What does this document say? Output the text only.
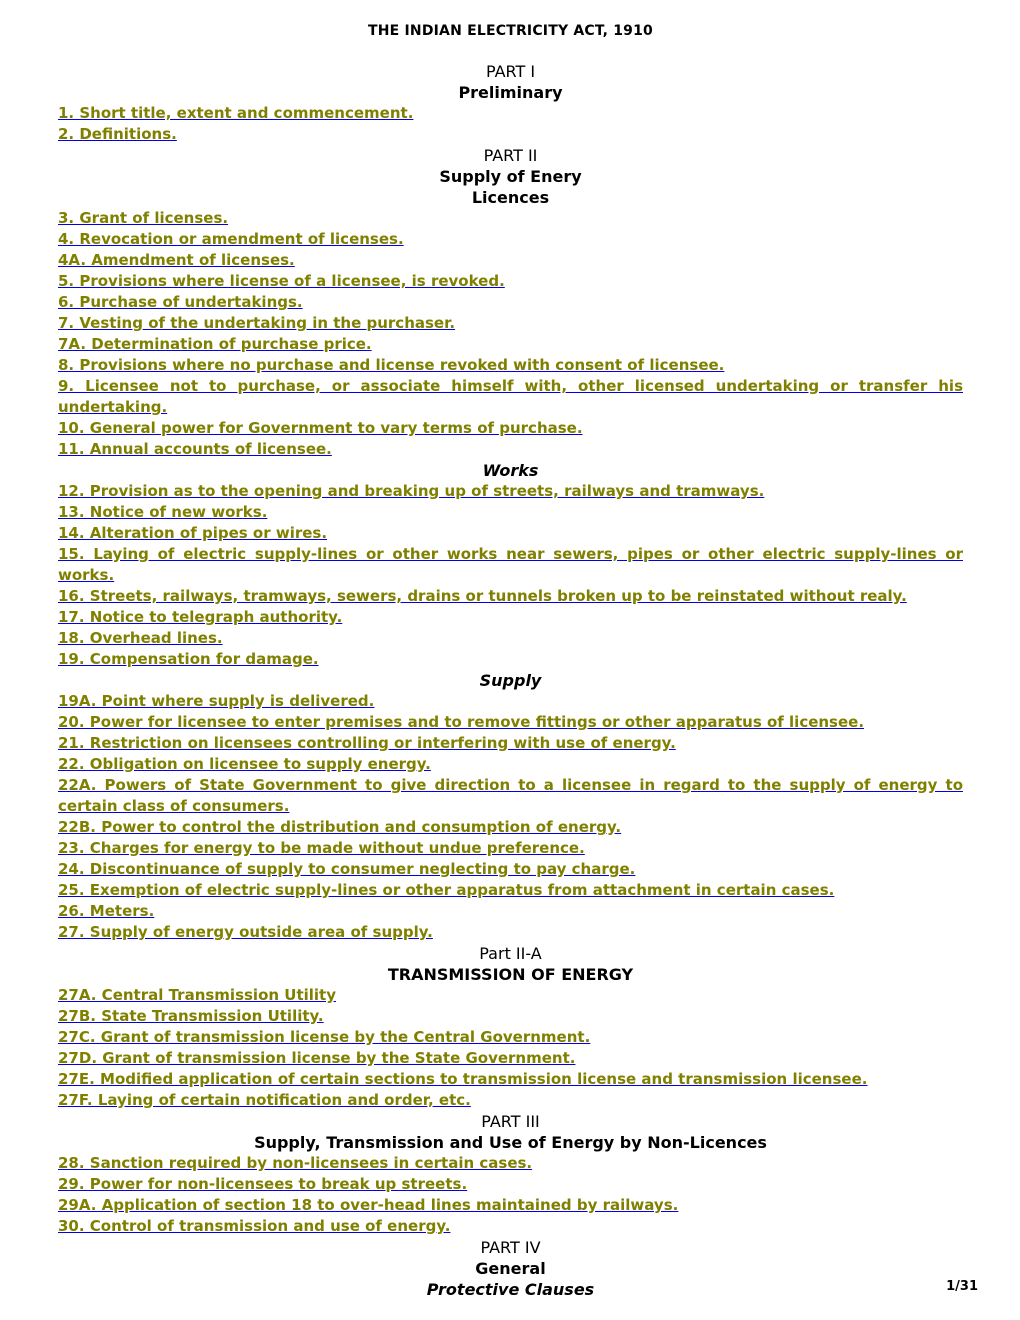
THE INDIAN ELECTRICITY ACT, 1910
PART I
Preliminary
1. Short title, extent and commencement.
2. Definitions.
PART II
Supply of Enery
Licences
3. Grant of licenses.
4. Revocation or amendment of licenses.
4A. Amendment of licenses.
5. Provisions where license of a licensee, is revoked.
6. Purchase of undertakings.
7. Vesting of the undertaking in the purchaser.
7A. Determination of purchase price.
8. Provisions where no purchase and license revoked with consent of licensee.
9. Licensee not to purchase, or associate himself with, other licensed undertaking or transfer his undertaking.
10. General power for Government to vary terms of purchase.
11. Annual accounts of licensee.
Works
12. Provision as to the opening and breaking up of streets, railways and tramways.
13. Notice of new works.
14. Alteration of pipes or wires.
15. Laying of electric supply-lines or other works near sewers, pipes or other electric supply-lines or works.
16. Streets, railways, tramways, sewers, drains or tunnels broken up to be reinstated without realy.
17. Notice to telegraph authority.
18. Overhead lines.
19. Compensation for damage.
Supply
19A. Point where supply is delivered.
20. Power for licensee to enter premises and to remove fittings or other apparatus of licensee.
21. Restriction on licensees controlling or interfering with use of energy.
22. Obligation on licensee to supply energy.
22A. Powers of State Government to give direction to a licensee in regard to the supply of energy to certain class of consumers.
22B. Power to control the distribution and consumption of energy.
23. Charges for energy to be made without undue preference.
24. Discontinuance of supply to consumer neglecting to pay charge.
25. Exemption of electric supply-lines or other apparatus from attachment in certain cases.
26. Meters.
27. Supply of energy outside area of supply.
Part II-A
TRANSMISSION OF ENERGY
27A. Central Transmission Utility
27B. State Transmission Utility.
27C. Grant of transmission license by the Central Government.
27D. Grant of transmission license by the State Government.
27E. Modified application of certain sections to transmission license and transmission licensee.
27F. Laying of certain notification and order, etc.
PART III
Supply, Transmission and Use of Energy by Non-Licences
28. Sanction required by non-licensees in certain cases.
29. Power for non-licensees to break up streets.
29A. Application of section 18 to over-head lines maintained by railways.
30. Control of transmission and use of energy.
PART IV
General
Protective Clauses	1/31
